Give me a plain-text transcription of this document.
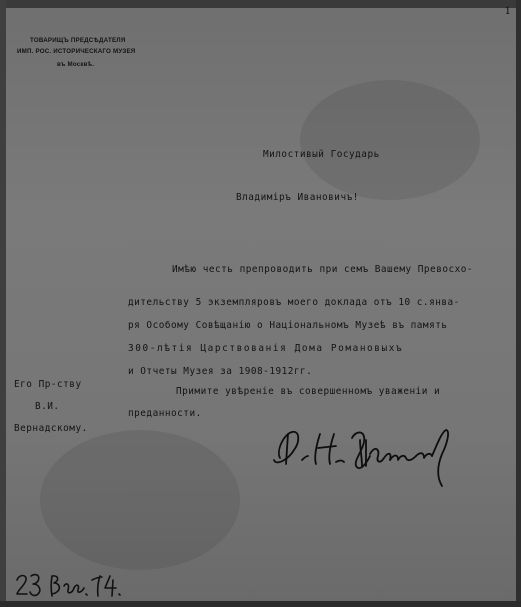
1
ТОВАРИЩЪ ПРЕДСѢДАТЕЛЯ
ИМП. РОС. ИСТОРИЧЕСКАГО МУЗЕЯ
въ Москвѣ.
Милостивый Государь
Владимiръ Ивановичъ!
Имѣю честь препроводить при семъ Вашему Превосхо-
дительству 5 экземпляровъ моего доклада отъ 10 с.янва-
ря Особому Совѣщанiю о Нацiональномъ Музеѣ въ память
300-лѣтiя Царствованiя Дома Романовыхъ
и Отчеты Музея за 1908-1912гг.
Примите увѣренiе въ совершенномъ уваженiи и
преданности.
Его Пр-ству
В.И.
Вернадскому.
